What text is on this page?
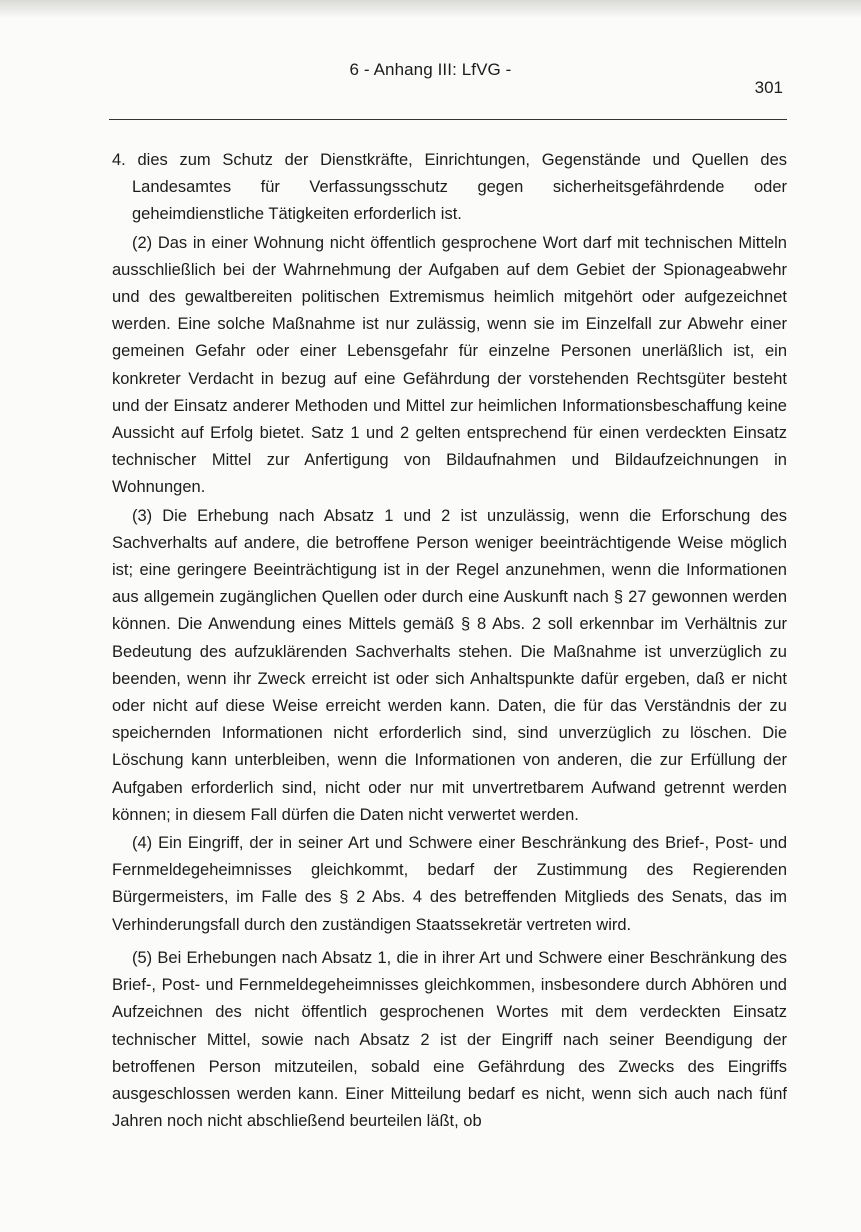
6 - Anhang III: LfVG -
301

4. dies zum Schutz der Dienstkräfte, Einrichtungen, Gegenstände und Quellen des Landesamtes für Verfassungsschutz gegen sicherheitsgefährdende oder geheimdienstliche Tätigkeiten erforderlich ist.

(2) Das in einer Wohnung nicht öffentlich gesprochene Wort darf mit technischen Mitteln ausschließlich bei der Wahrnehmung der Aufgaben auf dem Gebiet der Spionageabwehr und des gewaltbereiten politischen Extremismus heimlich mitgehört oder aufgezeichnet werden. Eine solche Maßnahme ist nur zulässig, wenn sie im Einzelfall zur Abwehr einer gemeinen Gefahr oder einer Lebensgefahr für einzelne Personen unerläßlich ist, ein konkreter Verdacht in bezug auf eine Gefährdung der vorstehenden Rechtsgüter besteht und der Einsatz anderer Methoden und Mittel zur heimlichen Informationsbeschaffung keine Aussicht auf Erfolg bietet. Satz 1 und 2 gelten entsprechend für einen verdeckten Einsatz technischer Mittel zur Anfertigung von Bildaufnahmen und Bildaufzeichnungen in Wohnungen.

(3) Die Erhebung nach Absatz 1 und 2 ist unzulässig, wenn die Erforschung des Sachverhalts auf andere, die betroffene Person weniger beeinträchtigende Weise möglich ist; eine geringere Beeinträchtigung ist in der Regel anzunehmen, wenn die Informationen aus allgemein zugänglichen Quellen oder durch eine Auskunft nach § 27 gewonnen werden können. Die Anwendung eines Mittels gemäß § 8 Abs. 2 soll erkennbar im Verhältnis zur Bedeutung des aufzuklärenden Sachverhalts stehen. Die Maßnahme ist unverzüglich zu beenden, wenn ihr Zweck erreicht ist oder sich Anhaltspunkte dafür ergeben, daß er nicht oder nicht auf diese Weise erreicht werden kann. Daten, die für das Verständnis der zu speichernden Informationen nicht erforderlich sind, sind unverzüglich zu löschen. Die Löschung kann unterbleiben, wenn die Informationen von anderen, die zur Erfüllung der Aufgaben erforderlich sind, nicht oder nur mit unvertretbarem Aufwand getrennt werden können; in diesem Fall dürfen die Daten nicht verwertet werden.

(4) Ein Eingriff, der in seiner Art und Schwere einer Beschränkung des Brief-, Post- und Fernmeldegeheimnisses gleichkommt, bedarf der Zustimmung des Regierenden Bürgermeisters, im Falle des § 2 Abs. 4 des betreffenden Mitglieds des Senats, das im Verhinderungsfall durch den zuständigen Staatssekretär vertreten wird.

(5) Bei Erhebungen nach Absatz 1, die in ihrer Art und Schwere einer Beschränkung des Brief-, Post- und Fernmeldegeheimnisses gleichkommen, insbesondere durch Abhören und Aufzeichnen des nicht öffentlich gesprochenen Wortes mit dem verdeckten Einsatz technischer Mittel, sowie nach Absatz 2 ist der Eingriff nach seiner Beendigung der betroffenen Person mitzuteilen, sobald eine Gefährdung des Zwecks des Eingriffs ausgeschlossen werden kann. Einer Mitteilung bedarf es nicht, wenn sich auch nach fünf Jahren noch nicht abschließend beurteilen läßt, ob
